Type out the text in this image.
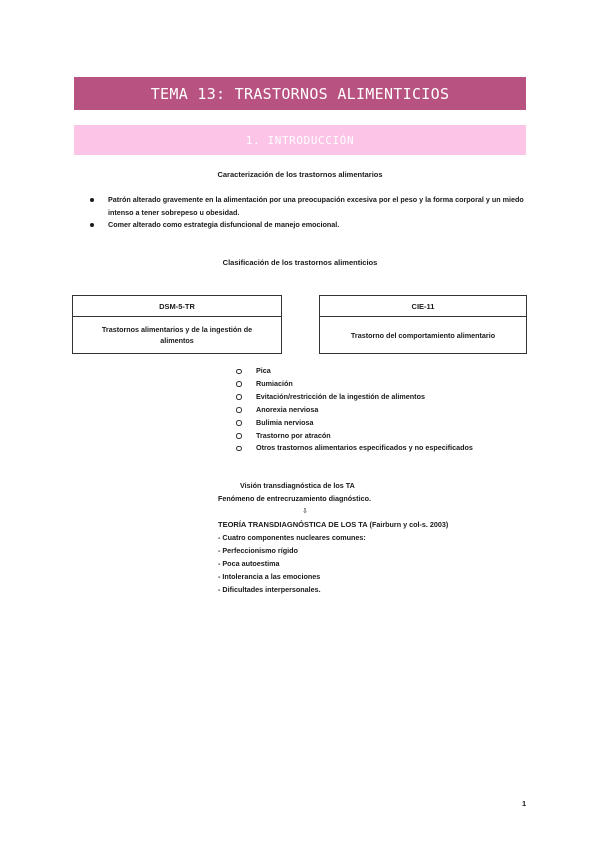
TEMA 13: TRASTORNOS ALIMENTICIOS
1. INTRODUCCIÓN
Caracterización de los trastornos alimentarios
Patrón alterado gravemente en la alimentación por una preocupación excesiva por el peso y la forma corporal y un miedo intenso a tener sobrepeso u obesidad.
Comer alterado como estrategia disfuncional de manejo emocional.
Clasificación de los trastornos alimenticios
DSM-5-TR
Trastornos alimentarios y de la ingestión de alimentos
CIE-11
Trastorno del comportamiento alimentario
Pica
Rumiación
Evitación/restricción de la ingestión de alimentos
Anorexia nerviosa
Bulimia nerviosa
Trastorno por atracón
Otros trastornos alimentarios especificados y no especificados
Visión transdiagnóstica de los TA
Fenómeno de entrecruzamiento diagnóstico.
⇩
TEORÍA TRANSDIAGNÓSTICA DE LOS TA (Fairburn y col-s. 2003)
- Cuatro componentes nucleares comunes:
- Perfeccionismo rígido
- Poca autoestima
- Intolerancia a las emociones
- Dificultades interpersonales.
1
